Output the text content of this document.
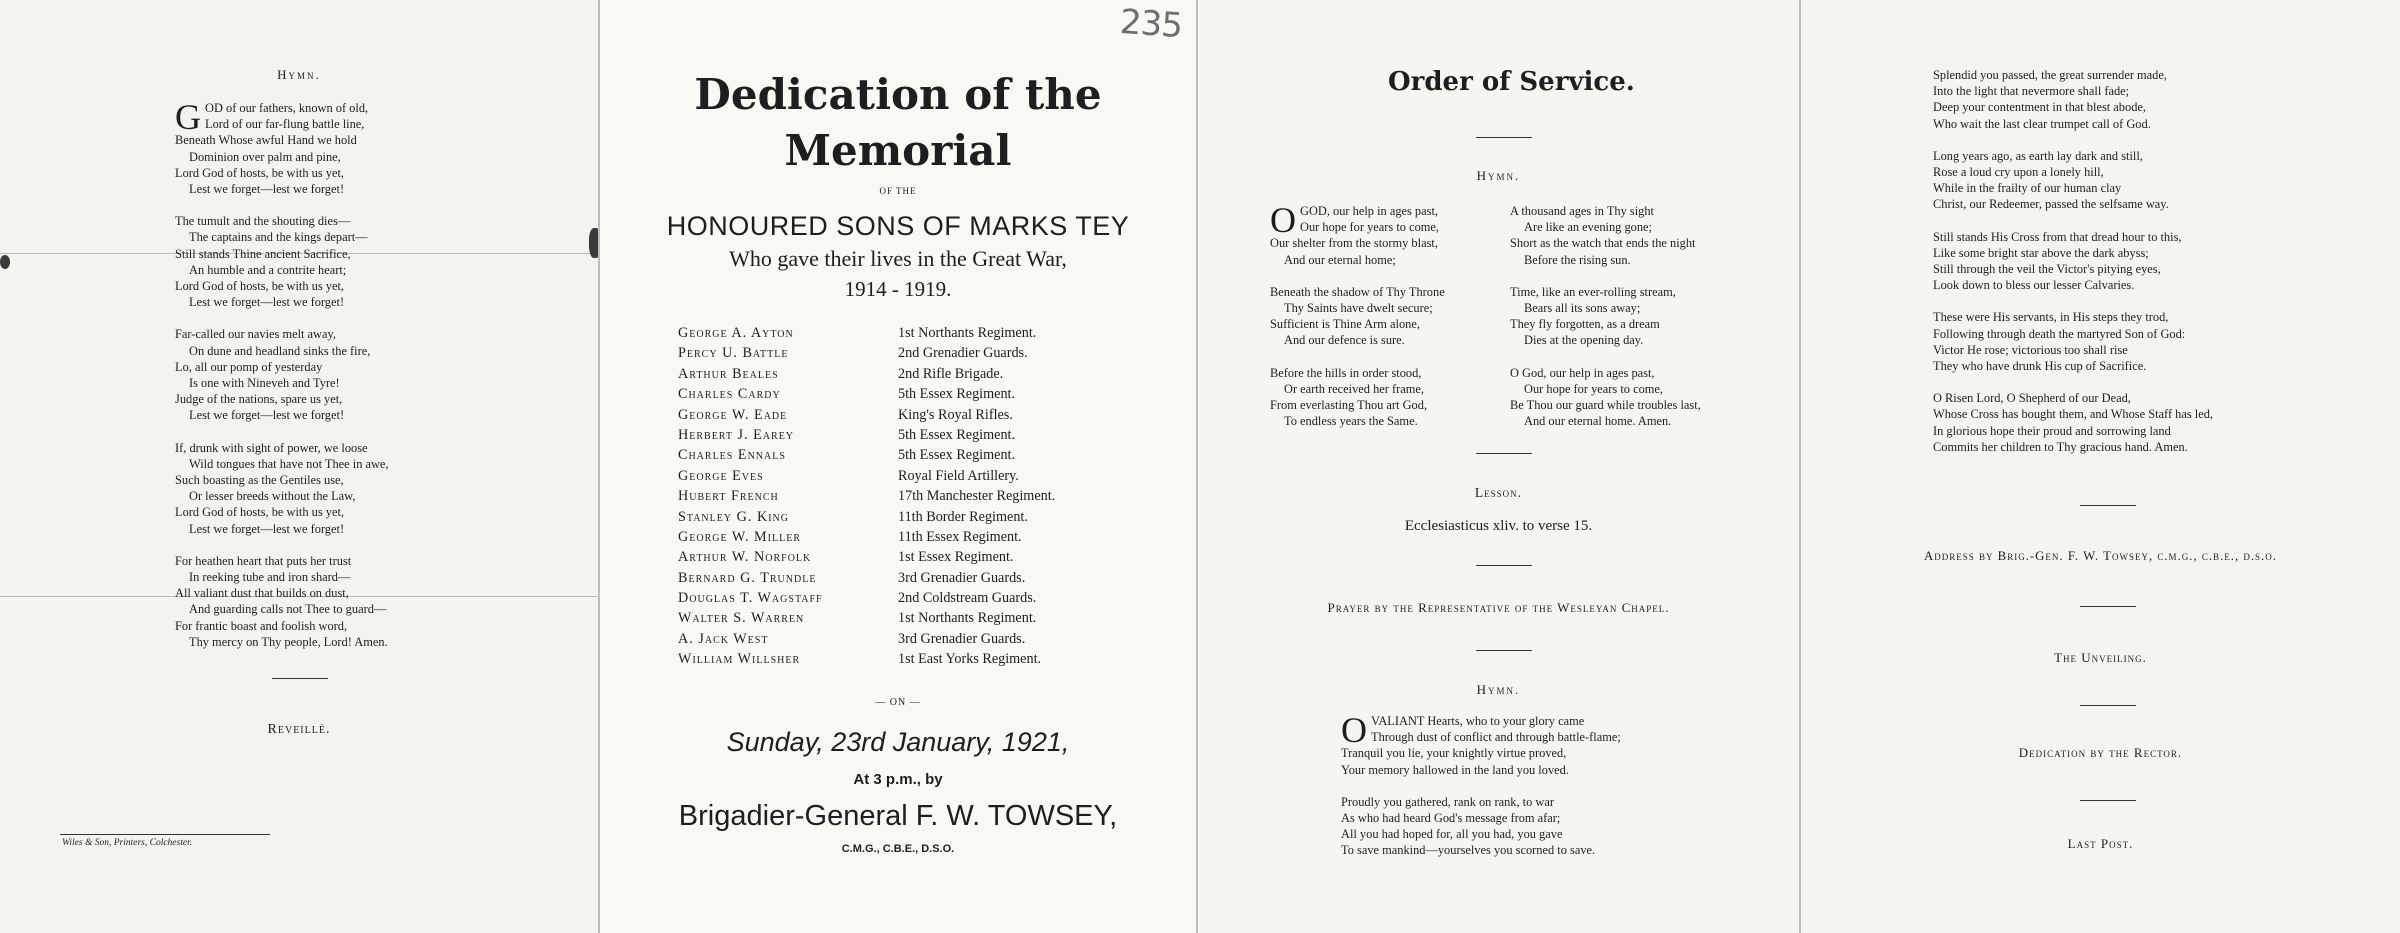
Hymn.
G OD of our fathers, known of old,
Lord of our far-flung battle line,
Beneath Whose awful Hand we hold
Dominion over palm and pine,
Lord God of hosts, be with us yet,
Lest we forget—lest we forget!
The tumult and the shouting dies—
The captains and the kings depart—
Still stands Thine ancient Sacrifice,
An humble and a contrite heart;
Lord God of hosts, be with us yet,
Lest we forget—lest we forget!
Far-called our navies melt away,
On dune and headland sinks the fire,
Lo, all our pomp of yesterday
Is one with Nineveh and Tyre!
Judge of the nations, spare us yet,
Lest we forget—lest we forget!
If, drunk with sight of power, we loose
Wild tongues that have not Thee in awe,
Such boasting as the Gentiles use,
Or lesser breeds without the Law,
Lord God of hosts, be with us yet,
Lest we forget—lest we forget!
For heathen heart that puts her trust
In reeking tube and iron shard—
All valiant dust that builds on dust,
And guarding calls not Thee to guard—
For frantic boast and foolish word,
Thy mercy on Thy people, Lord! Amen.
Reveillé.
Wiles & Son, Printers, Colchester.
235
Dedication of the
Memorial
OF THE
HONOURED SONS OF MARKS TEY
Who gave their lives in the Great War,
1914 - 1919.
George A. Ayton	1st Northants Regiment.
Percy U. Battle	2nd Grenadier Guards.
Arthur Beales	2nd Rifle Brigade.
Charles Cardy	5th Essex Regiment.
George W. Eade	King's Royal Rifles.
Herbert J. Earey	5th Essex Regiment.
Charles Ennals	5th Essex Regiment.
George Eves	Royal Field Artillery.
Hubert French	17th Manchester Regiment.
Stanley G. King	11th Border Regiment.
George W. Miller	11th Essex Regiment.
Arthur W. Norfolk	1st Essex Regiment.
Bernard G. Trundle	3rd Grenadier Guards.
Douglas T. Wagstaff	2nd Coldstream Guards.
Walter S. Warren	1st Northants Regiment.
A. Jack West	3rd Grenadier Guards.
William Willsher	1st East Yorks Regiment.
— ON —
Sunday, 23rd January, 1921,
At 3 p.m., by
Brigadier-General F. W. TOWSEY,
C.M.G., C.B.E., D.S.O.
Order of Service.
Hymn.
O GOD, our help in ages past,
Our hope for years to come,
Our shelter from the stormy blast,
And our eternal home;
Beneath the shadow of Thy Throne
Thy Saints have dwelt secure;
Sufficient is Thine Arm alone,
And our defence is sure.
Before the hills in order stood,
Or earth received her frame,
From everlasting Thou art God,
To endless years the Same.
A thousand ages in Thy sight
Are like an evening gone;
Short as the watch that ends the night
Before the rising sun.
Time, like an ever-rolling stream,
Bears all its sons away;
They fly forgotten, as a dream
Dies at the opening day.
O God, our help in ages past,
Our hope for years to come,
Be Thou our guard while troubles last,
And our eternal home. Amen.
Lesson.
Ecclesiasticus xliv. to verse 15.
Prayer by the Representative of the Wesleyan Chapel.
Hymn.
O VALIANT Hearts, who to your glory came
Through dust of conflict and through battle-flame;
Tranquil you lie, your knightly virtue proved,
Your memory hallowed in the land you loved.
Proudly you gathered, rank on rank, to war
As who had heard God's message from afar;
All you had hoped for, all you had, you gave
To save mankind—yourselves you scorned to save.
Splendid you passed, the great surrender made,
Into the light that nevermore shall fade;
Deep your contentment in that blest abode,
Who wait the last clear trumpet call of God.
Long years ago, as earth lay dark and still,
Rose a loud cry upon a lonely hill,
While in the frailty of our human clay
Christ, our Redeemer, passed the selfsame way.
Still stands His Cross from that dread hour to this,
Like some bright star above the dark abyss;
Still through the veil the Victor's pitying eyes,
Look down to bless our lesser Calvaries.
These were His servants, in His steps they trod,
Following through death the martyred Son of God:
Victor He rose; victorious too shall rise
They who have drunk His cup of Sacrifice.
O Risen Lord, O Shepherd of our Dead,
Whose Cross has bought them, and Whose Staff has led,
In glorious hope their proud and sorrowing land
Commits her children to Thy gracious hand. Amen.
Address by Brig.-Gen. F. W. Towsey, c.m.g., c.b.e., d.s.o.
The Unveiling.
Dedication by the Rector.
Last Post.
